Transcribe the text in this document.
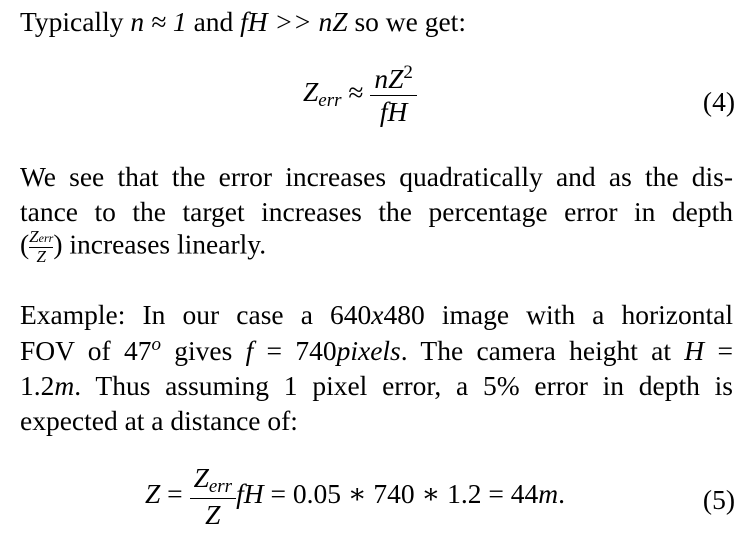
Typically n ≈ 1 and fH >> nZ so we get:
$Z_{err} \approx \frac{nZ^2}{fH}$	(4)
We see that the error increases quadratically and as the dis-
tance to the target increases the percentage error in depth
( $\frac{\text{Zerr}}{Z}$ ) increases linearly.
Example: In our case a 640x480 image with a horizontal
FOV of 47$^o$ gives f = 740pixels. The camera height at H =
1.2m. Thus assuming 1 pixel error, a 5% error in depth is
expected at a distance of:
$Z = \frac{Z_{err}}{Z}$ fH = 0.05 ∗ 740 ∗ 1.2 = 44m.	(5)
